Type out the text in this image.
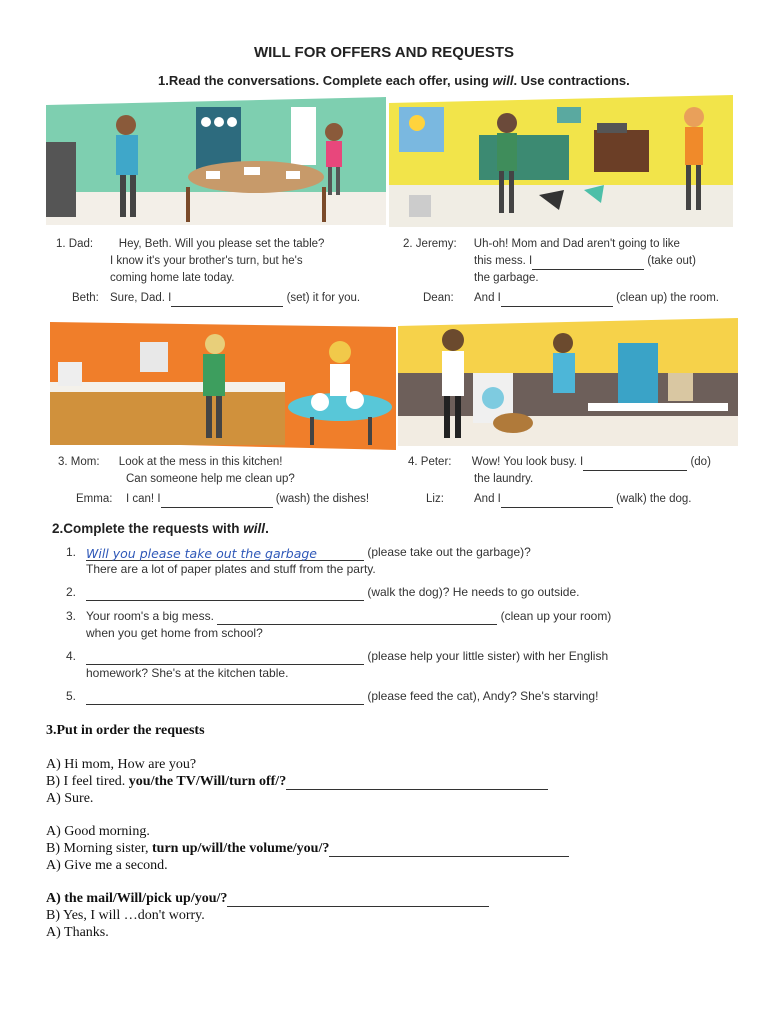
WILL FOR OFFERS AND REQUESTS
1.Read the conversations. Complete each offer, using will. Use contractions.
1. Dad: Hey, Beth. Will you please set the table?
I know it's your brother's turn, but he's
coming home late today.
Beth: Sure, Dad. I	(set) it for you.
2. Jeremy: Uh-oh! Mom and Dad aren't going to like
this mess. I	(take out)
the garbage.
Dean: And I	(clean up) the room.
3. Mom: Look at the mess in this kitchen!
Can someone help me clean up?
Emma: I can! I	(wash) the dishes!
4. Peter: Wow! You look busy. I	(do)
the laundry.
Liz:	And I	(walk) the dog.
2.Complete the requests with will.
1. Will you please take out the garbage	(please take out the garbage)?
There are a lot of paper plates and stuff from the party.
2.	(walk the dog)? He needs to go outside.
3. Your room's a big mess.	(clean up your room)
when you get home from school?
4.	(please help your little sister) with her English
homework? She's at the kitchen table.
5.	(please feed the cat), Andy? She's starving!
3.Put in order the requests
A) Hi mom, How are you?
B) I feel tired. you/the TV/Will/turn off/?
A) Sure.
A) Good morning.
B) Morning sister, turn up/will/the volume/you/?
A) Give me a second.
A) the mail/Will/pick up/you/?
B) Yes, I will …don't worry.
A) Thanks.
